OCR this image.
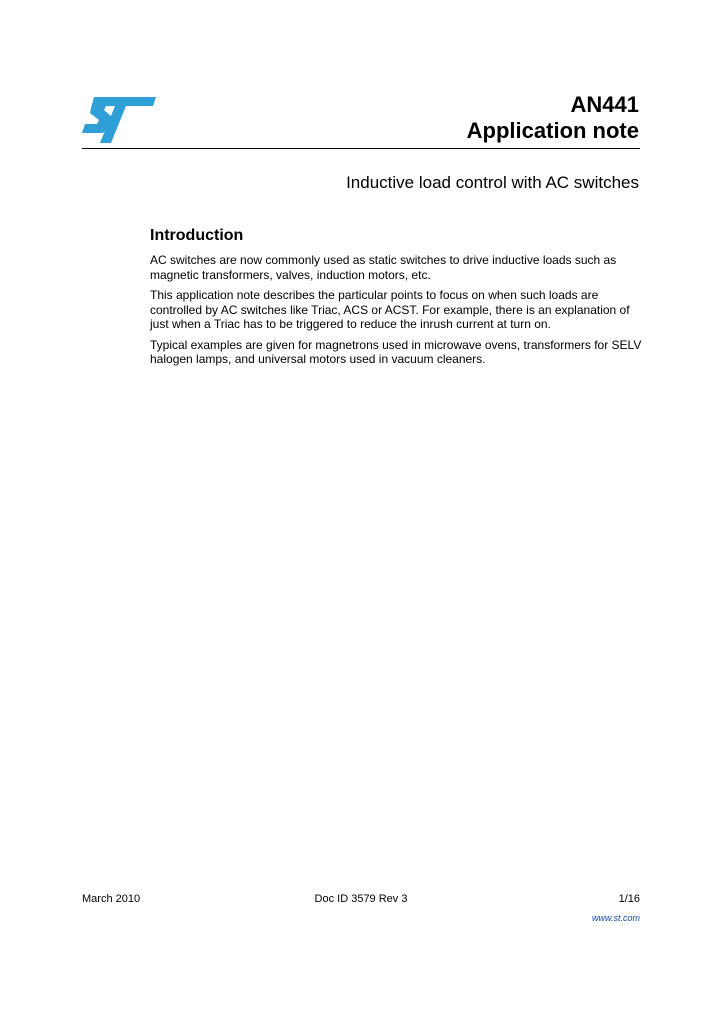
AN441
Application note
Inductive load control with AC switches
Introduction

AC switches are now commonly used as static switches to drive inductive loads such as magnetic transformers, valves, induction motors, etc.

This application note describes the particular points to focus on when such loads are controlled by AC switches like Triac, ACS or ACST. For example, there is an explanation of just when a Triac has to be triggered to reduce the inrush current at turn on.

Typical examples are given for magnetrons used in microwave ovens, transformers for SELV halogen lamps, and universal motors used in vacuum cleaners.

March 2010	Doc ID 3579 Rev 3	1/16
www.st.com
